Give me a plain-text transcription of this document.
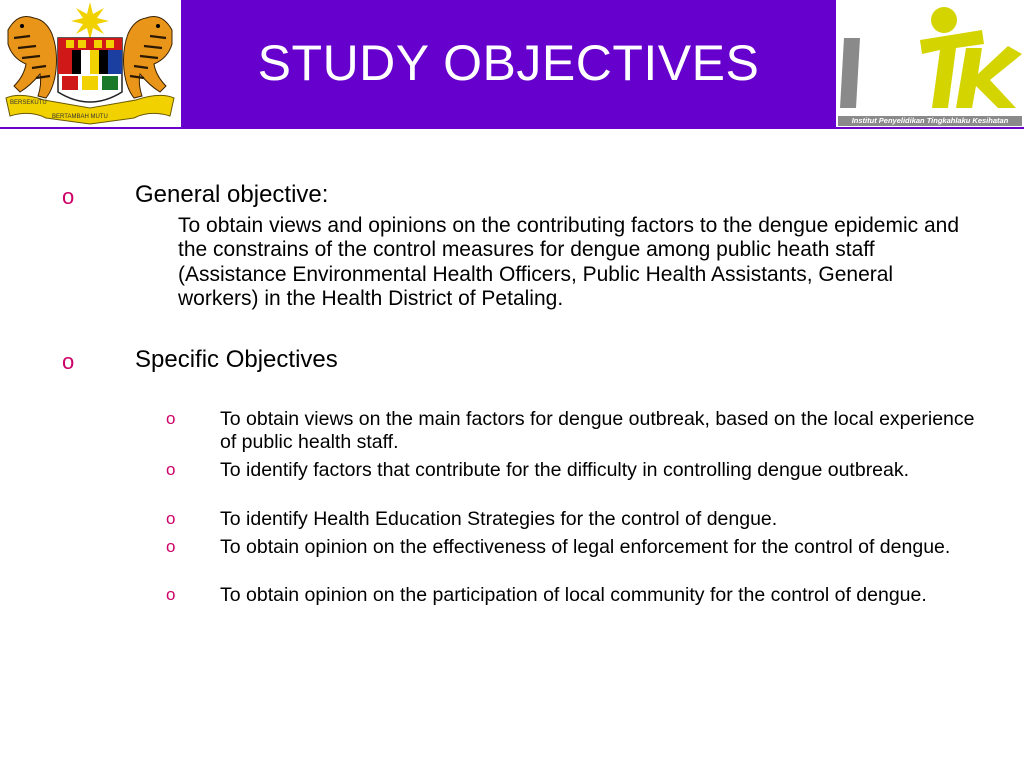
BERSEKUTU
BERTAMBAH MUTU
STUDY OBJECTIVES
Institut Penyelidikan Tingkahlaku Kesihatan
o	General objective:
To obtain views and opinions on the contributing factors to the dengue epidemic and the constrains of the control measures for dengue among public heath staff (Assistance Environmental Health Officers, Public Health Assistants, General workers) in the Health District of Petaling.
o	Specific Objectives
o To obtain views on the main factors for dengue outbreak, based on the local experience of public health staff.
o To identify factors that contribute for the difficulty in controlling dengue outbreak.
o To identify Health Education Strategies for the control of dengue.
o To obtain opinion on the effectiveness of legal enforcement for the control of dengue.
o To obtain opinion on the participation of local community for the control of dengue.
